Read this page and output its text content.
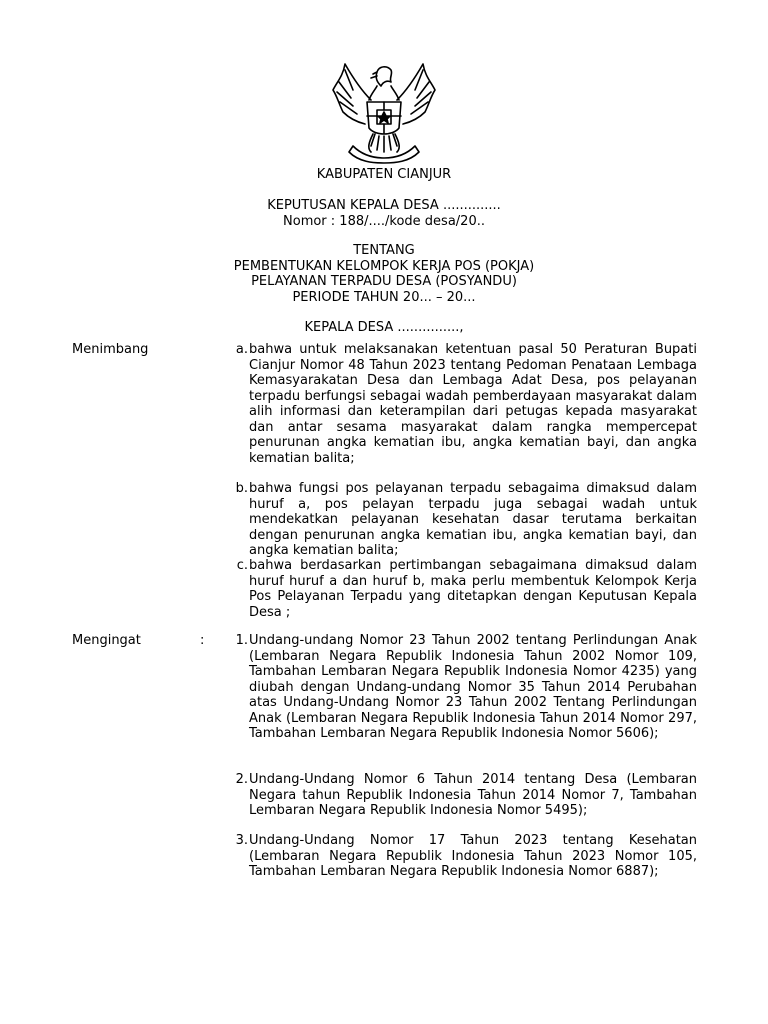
KABUPATEN CIANJUR
KEPUTUSAN KEPALA DESA ..............
Nomor : 188/..../kode desa/20..
TENTANG
PEMBENTUKAN KELOMPOK KERJA POS (POKJA)
PELAYANAN TERPADU DESA (POSYANDU)
PERIODE TAHUN 20... – 20...
KEPALA DESA ...............,
Menimbang	a. bahwa untuk melaksanakan ketentuan pasal 50 Peraturan Bupati Cianjur Nomor 48 Tahun 2023 tentang Pedoman Penataan Lembaga Kemasyarakatan Desa dan Lembaga Adat Desa, pos pelayanan terpadu berfungsi sebagai wadah pemberdayaan masyarakat dalam alih informasi dan keterampilan dari petugas kepada masyarakat dan antar sesama masyarakat dalam rangka mempercepat penurunan angka kematian ibu, angka kematian bayi, dan angka kematian balita;
b. bahwa fungsi pos pelayanan terpadu sebagaima dimaksud dalam huruf a, pos pelayan terpadu juga sebagai wadah untuk mendekatkan pelayanan kesehatan dasar terutama berkaitan dengan penurunan angka kematian ibu, angka kematian bayi, dan angka kematian balita;
c. bahwa berdasarkan pertimbangan sebagaimana dimaksud dalam huruf huruf a dan huruf b, maka perlu membentuk Kelompok Kerja Pos Pelayanan Terpadu yang ditetapkan dengan Keputusan Kepala Desa ;
Mengingat	:	1. Undang-undang Nomor 23 Tahun 2002 tentang Perlindungan Anak (Lembaran Negara Republik Indonesia Tahun 2002 Nomor 109, Tambahan Lembaran Negara Republik Indonesia Nomor 4235) yang diubah dengan Undang-undang Nomor 35 Tahun 2014 Perubahan atas Undang-Undang Nomor 23 Tahun 2002 Tentang Perlindungan Anak (Lembaran Negara Republik Indonesia Tahun 2014 Nomor 297, Tambahan Lembaran Negara Republik Indonesia Nomor 5606);
2. Undang-Undang Nomor 6 Tahun 2014 tentang Desa (Lembaran Negara tahun Republik Indonesia Tahun 2014 Nomor 7, Tambahan Lembaran Negara Republik Indonesia Nomor 5495);
3. Undang-Undang Nomor 17 Tahun 2023 tentang Kesehatan (Lembaran Negara Republik Indonesia Tahun 2023 Nomor 105, Tambahan Lembaran Negara Republik Indonesia Nomor 6887);
